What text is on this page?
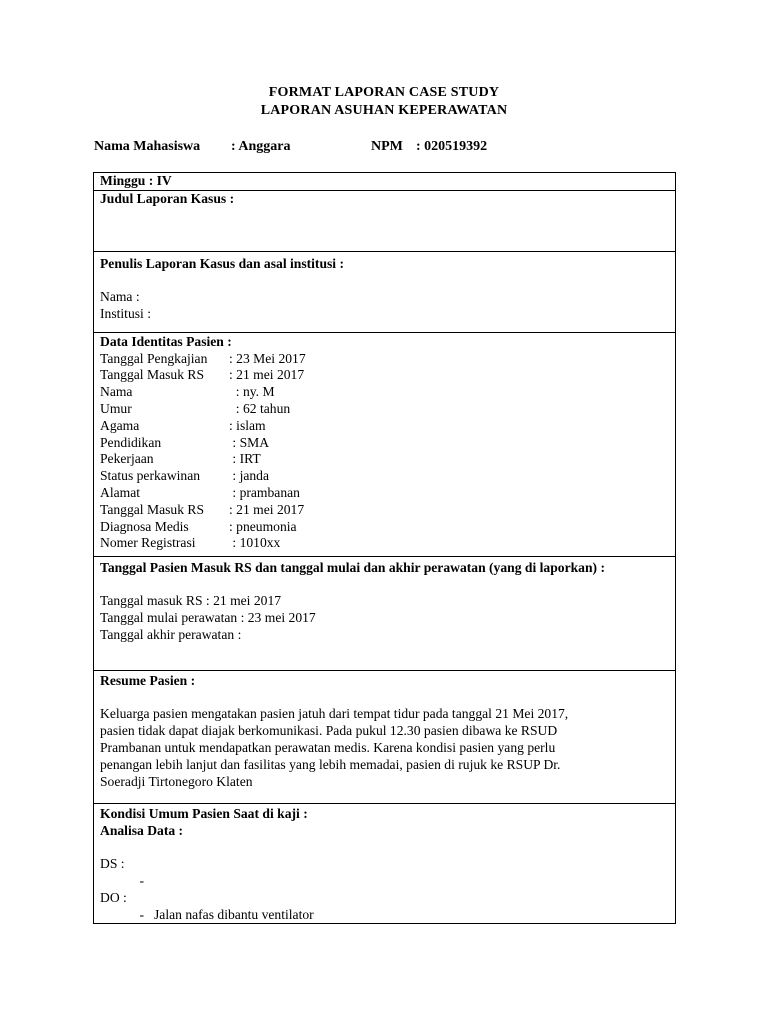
FORMAT LAPORAN CASE STUDY
LAPORAN ASUHAN KEPERAWATAN
Nama Mahasiswa : Anggara	NPM : 020519392
Minggu : IV

Judul Laporan Kasus :

Penulis Laporan Kasus dan asal institusi :
Nama :
Institusi :

Data Identitas Pasien :
Tanggal Pengkajian	: 23 Mei 2017
Tanggal Masuk RS	: 21 mei 2017
Nama	: ny. M
Umur	: 62 tahun
Agama	: islam
Pendidikan	: SMA
Pekerjaan	: IRT
Status perkawinan	: janda
Alamat	: prambanan
Tanggal Masuk RS	: 21 mei 2017
Diagnosa Medis	: pneumonia
Nomer Registrasi	: 1010xx

Tanggal Pasien Masuk RS dan tanggal mulai dan akhir perawatan (yang di laporkan) :
Tanggal masuk RS : 21 mei 2017
Tanggal mulai perawatan : 23 mei 2017
Tanggal akhir perawatan :

Resume Pasien :
Keluarga pasien mengatakan pasien jatuh dari tempat tidur pada tanggal 21 Mei 2017,
pasien tidak dapat diajak berkomunikasi. Pada pukul 12.30 pasien dibawa ke RSUD
Prambanan untuk mendapatkan perawatan medis. Karena kondisi pasien yang perlu
penangan lebih lanjut dan fasilitas yang lebih memadai, pasien di rujuk ke RSUP Dr.
Soeradji Tirtonegoro Klaten

Kondisi Umum Pasien Saat di kaji :
Analisa Data :
DS :
-
DO :
- Jalan nafas dibantu ventilator
